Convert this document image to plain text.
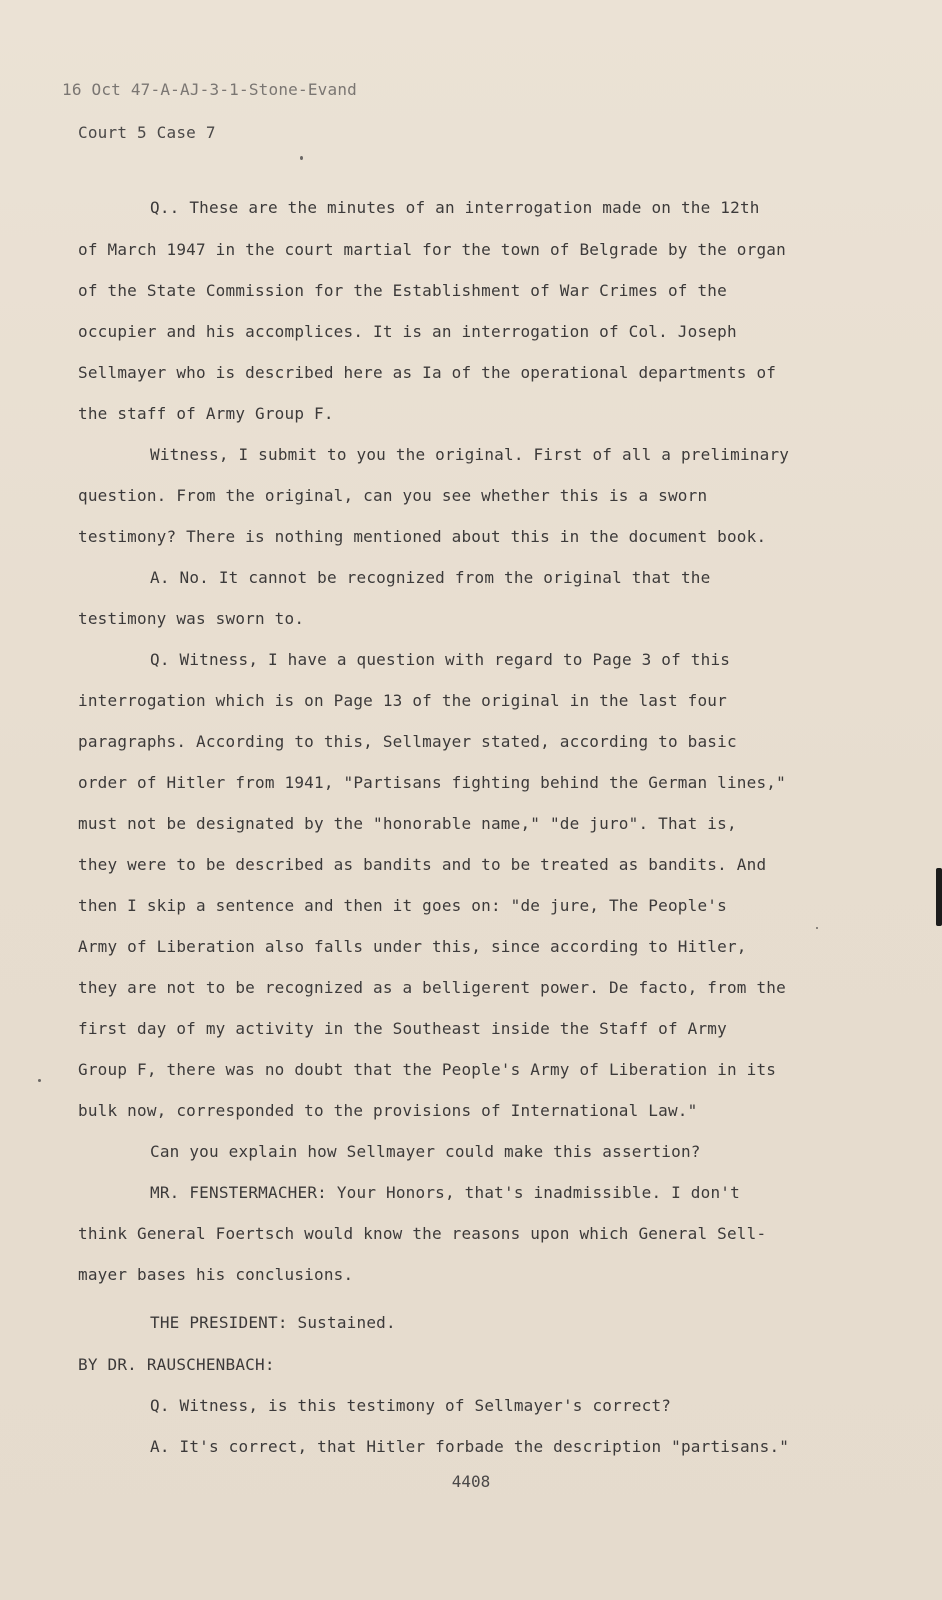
16 Oct 47-A-AJ-3-1-Stone-Evand
Court 5 Case 7
Q.. These are the minutes of an interrogation made on the 12th
of March 1947 in the court martial for the town of Belgrade by the organ
of the State Commission for the Establishment of War Crimes of the
occupier and his accomplices. It is an interrogation of Col. Joseph
Sellmayer who is described here as Ia of the operational departments of
the staff of Army Group F.
Witness, I submit to you the original. First of all a preliminary
question. From the original, can you see whether this is a sworn
testimony? There is nothing mentioned about this in the document book.
A. No. It cannot be recognized from the original that the
testimony was sworn to.
Q. Witness, I have a question with regard to Page 3 of this
interrogation which is on Page 13 of the original in the last four
paragraphs. According to this, Sellmayer stated, according to basic
order of Hitler from 1941, "Partisans fighting behind the German lines,"
must not be designated by the "honorable name," "de juro". That is,
they were to be described as bandits and to be treated as bandits. And
then I skip a sentence and then it goes on: "de jure, The People's
Army of Liberation also falls under this, since according to Hitler,
they are not to be recognized as a belligerent power. De facto, from the
first day of my activity in the Southeast inside the Staff of Army
Group F, there was no doubt that the People's Army of Liberation in its
bulk now, corresponded to the provisions of International Law."
Can you explain how Sellmayer could make this assertion?
MR. FENSTERMACHER: Your Honors, that's inadmissible. I don't
think General Foertsch would know the reasons upon which General Sell-
mayer bases his conclusions.
THE PRESIDENT: Sustained.
BY DR. RAUSCHENBACH:
Q. Witness, is this testimony of Sellmayer's correct?
A. It's correct, that Hitler forbade the description "partisans."
4408
